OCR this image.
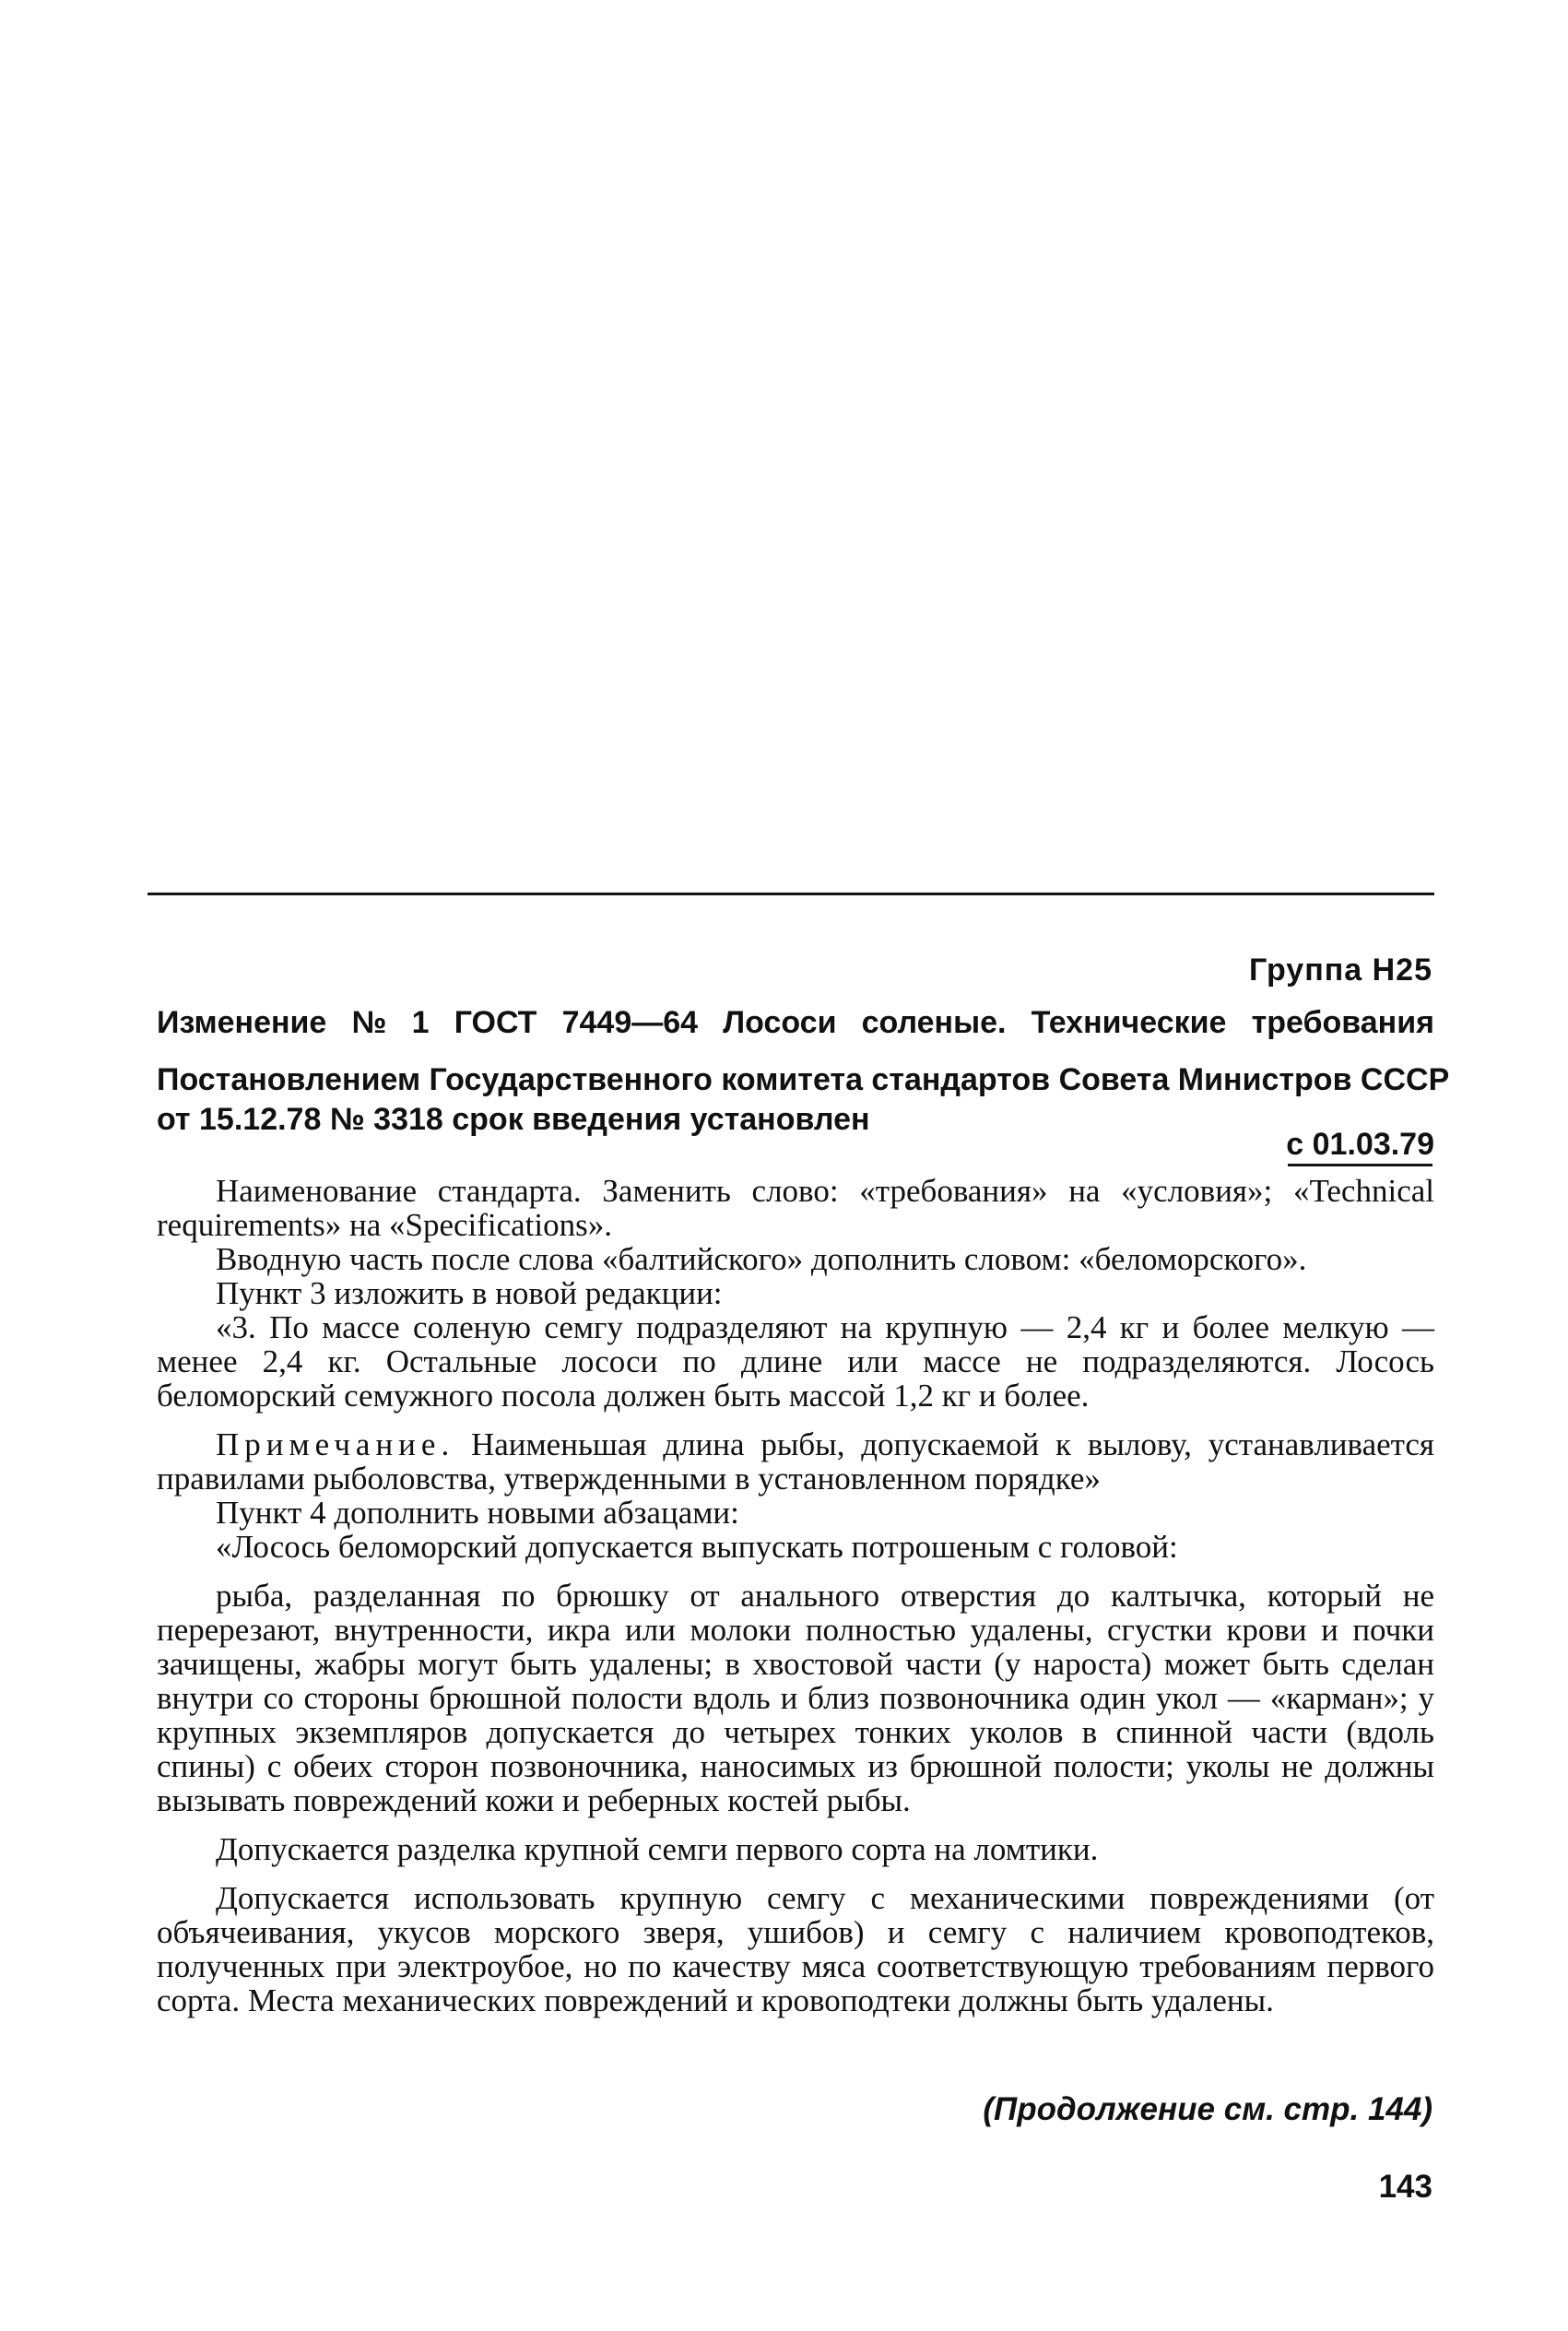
Группа Н25
Изменение № 1 ГОСТ 7449—64 Лососи соленые. Технические требования
Постановлением Государственного комитета стандартов Совета Министров СССР
от 15.12.78 № 3318 срок введения установлен
с 01.03.79

Наименование стандарта. Заменить слово: «требования» на «условия»; «Technical requirements» на «Specifications».

Вводную часть после слова «балтийского» дополнить словом: «беломорского».

Пункт 3 изложить в новой редакции:

«3. По массе соленую семгу подразделяют на крупную — 2,4 кг и более мелкую — менее 2,4 кг. Остальные лососи по длине или массе не подразделяются. Лосось беломорский семужного посола должен быть массой 1,2 кг и более.

Примечание. Наименьшая длина рыбы, допускаемой к вылову, устанавливается правилами рыболовства, утвержденными в установленном порядке»

Пункт 4 дополнить новыми абзацами:

«Лосось беломорский допускается выпускать потрошеным с головой:

рыба, разделанная по брюшку от анального отверстия до калтычка, который не перерезают, внутренности, икра или молоки полностью удалены, сгустки крови и почки зачищены, жабры могут быть удалены; в хвостовой части (у нароста) может быть сделан внутри со стороны брюшной полости вдоль и близ позвоночника один укол — «карман»; у крупных экземпляров допускается до четырех тонких уколов в спинной части (вдоль спины) с обеих сторон позвоночника, наносимых из брюшной полости; уколы не должны вызывать повреждений кожи и реберных костей рыбы.

Допускается разделка крупной семги первого сорта на ломтики.

Допускается использовать крупную семгу с механическими повреждениями (от объячеивания, укусов морского зверя, ушибов) и семгу с наличием кровоподтеков, полученных при электроубое, но по качеству мяса соответствующую требованиям первого сорта. Места механических повреждений и кровоподтеки должны быть удалены.

(Продолжение см. стр. 144)
143
